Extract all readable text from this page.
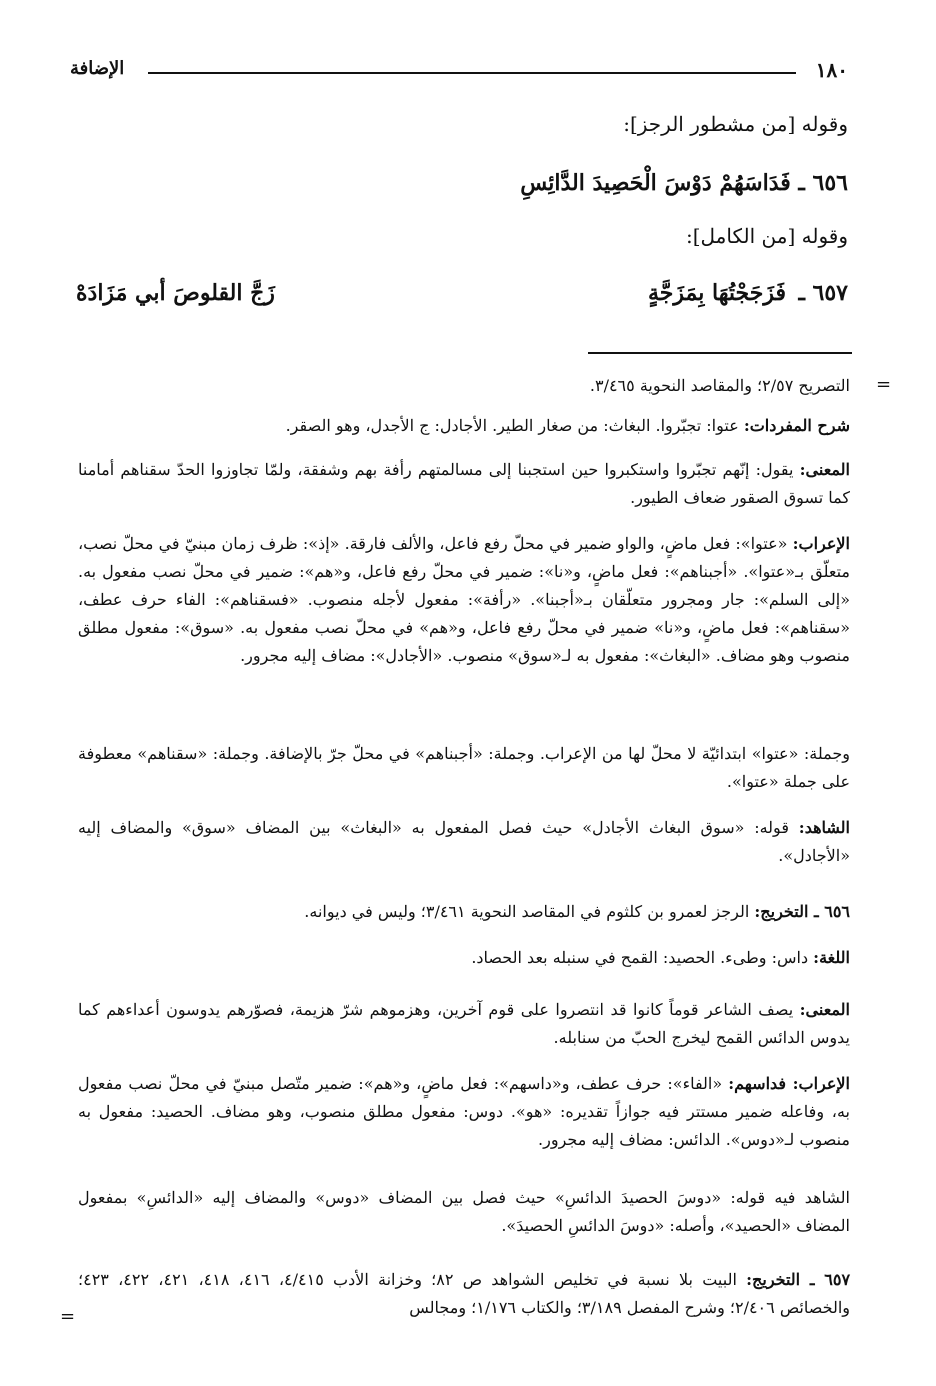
١٨٠
الإضافة
وقوله [من مشطور الرجز]:
٦٥٦ ـ فَدَاسَهُمْ دَوْسَ الْحَصِيدَ الدَّائِسِ
وقوله [من الكامل]:
٦٥٧ ـ
فَزَجَجْتُهَا بِمَزَجَّةٍ
زَجَّ القلوصَ أبي مَزَادَهْ
=
التصريح ٢/٥٧؛ والمقاصد النحوية ٣/٤٦٥.
شرح المفردات: عتوا: تجبّروا. البغاث: من صغار الطير. الأجادل: ج الأجدل، وهو الصقر.
المعنى: يقول: إنّهم تجبّروا واستكبروا حين استجبنا إلى مسالمتهم رأفة بهم وشفقة، ولمّا تجاوزوا الحدّ سقناهم أمامنا كما تسوق الصقور ضعاف الطيور.
الإعراب: «عتوا»: فعل ماضٍ، والواو ضمير في محلّ رفع فاعل، والألف فارقة. «إذ»: ظرف زمان مبنيّ في محلّ نصب، متعلّق بـ«عتوا». «أجبناهم»: فعل ماضٍ، و«نا»: ضمير في محلّ رفع فاعل، و«هم»: ضمير في محلّ نصب مفعول به. «إلى السلم»: جار ومجرور متعلّقان بـ«أجبنا». «رأفة»: مفعول لأجله منصوب. «فسقناهم»: الفاء حرف عطف، «سقناهم»: فعل ماضٍ، و«نا» ضمير في محلّ رفع فاعل، و«هم» في محلّ نصب مفعول به. «سوق»: مفعول مطلق منصوب وهو مضاف. «البغاث»: مفعول به لـ«سوق» منصوب. «الأجادل»: مضاف إليه مجرور.
وجملة: «عتوا» ابتدائيّة لا محلّ لها من الإعراب. وجملة: «أجبناهم» في محلّ جرّ بالإضافة. وجملة: «سقناهم» معطوفة على جملة «عتوا».
الشاهد: قوله: «سوق البغاث الأجادل» حيث فصل المفعول به «البغاث» بين المضاف «سوق» والمضاف إليه «الأجادل».
٦٥٦ ـ التخريج: الرجز لعمرو بن كلثوم في المقاصد النحوية ٣/٤٦١؛ وليس في ديوانه.
اللغة: داس: وطىء. الحصيد: القمح في سنبله بعد الحصاد.
المعنى: يصف الشاعر قوماً كانوا قد انتصروا على قوم آخرين، وهزموهم شرّ هزيمة، فصوّرهم يدوسون أعداءهم كما يدوس الدائس القمح ليخرج الحبّ من سنابله.
الإعراب: فداسهم: «الفاء»: حرف عطف، و«داسهم»: فعل ماضٍ، و«هم»: ضمير متّصل مبنيّ في محلّ نصب مفعول به، وفاعله ضمير مستتر فيه جوازاً تقديره: «هو». دوس: مفعول مطلق منصوب، وهو مضاف. الحصيد: مفعول به منصوب لـ«دوس». الدائس: مضاف إليه مجرور.
الشاهد فيه قوله: «دوسَ الحصيدَ الدائسِ» حيث فصل بين المضاف «دوس» والمضاف إليه «الدائسِ» بمفعول المضاف «الحصيد»، وأصله: «دوسَ الدائسِ الحصيدَ».
٦٥٧ ـ التخريج: البيت بلا نسبة في تخليص الشواهد ص ٨٢؛ وخزانة الأدب ٤/٤١٥، ٤١٦، ٤١٨، ٤٢١، ٤٢٢، ٤٢٣؛ والخصائص ٢/٤٠٦؛ وشرح المفصل ٣/١٨٩؛ والكتاب ١/١٧٦؛ ومجالس
=
